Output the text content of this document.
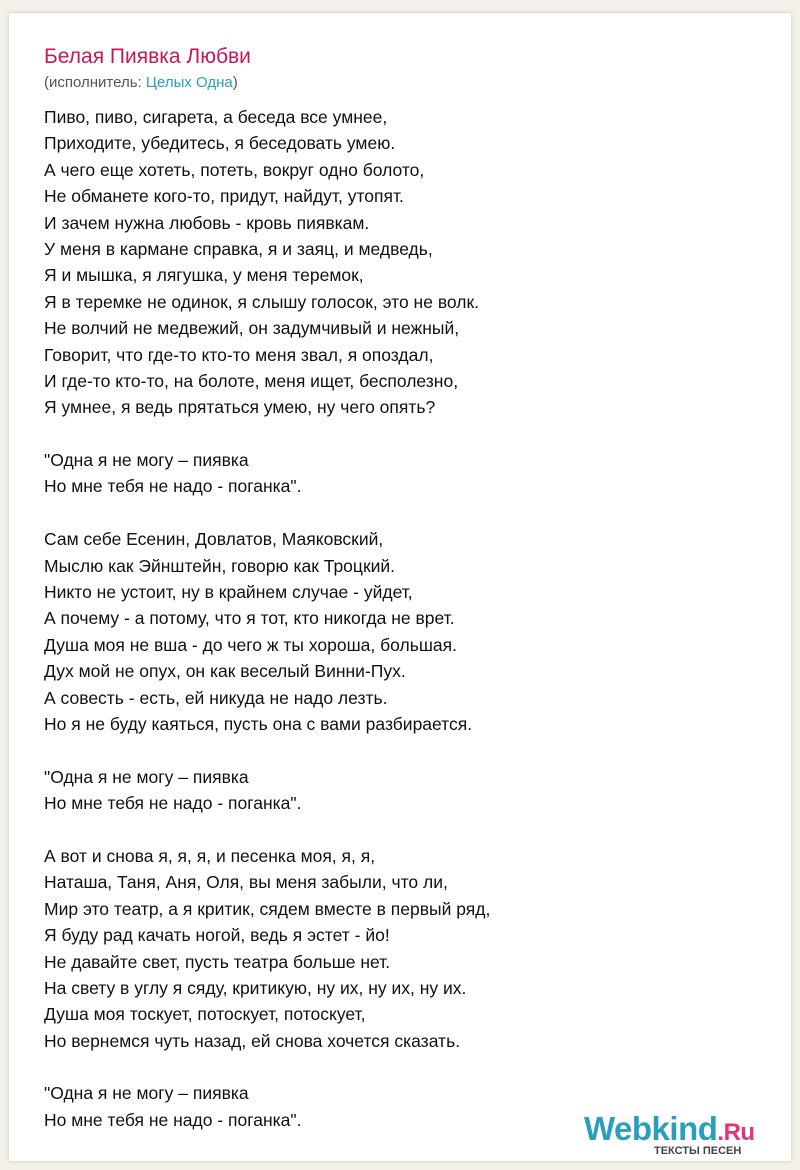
Белая Пиявка Любви
(исполнитель: Целых Одна)
Пиво, пиво, сигарета, а беседа все умнее,
Приходите, убедитесь, я беседовать умею.
А чего еще хотеть, потеть, вокруг одно болото,
Не обманете кого-то, придут, найдут, утопят.
И зачем нужна любовь - кровь пиявкам.
У меня в кармане справка, я и заяц, и медведь,
Я и мышка, я лягушка, у меня теремок,
Я в теремке не одинок, я слышу голосок, это не волк.
Не волчий не медвежий, он задумчивый и нежный,
Говорит, что где-то кто-то меня звал, я опоздал,
И где-то кто-то, на болоте, меня ищет, бесполезно,
Я умнее, я ведь прятаться умею, ну чего опять?
"Одна я не могу – пиявка
Но мне тебя не надо - поганка".
Сам себе Есенин, Довлатов, Маяковский,
Мыслю как Эйнштейн, говорю как Троцкий.
Никто не устоит, ну в крайнем случае - уйдет,
А почему - а потому, что я тот, кто никогда не врет.
Душа моя не вша - до чего ж ты хороша, большая.
Дух мой не опух, он как веселый Винни-Пух.
А совесть - есть, ей никуда не надо лезть.
Но я не буду каяться, пусть она с вами разбирается.
"Одна я не могу – пиявка
Но мне тебя не надо - поганка".
А вот и снова я, я, я, и песенка моя, я, я,
Наташа, Таня, Аня, Оля, вы меня забыли, что ли,
Мир это театр, а я критик, сядем вместе в первый ряд,
Я буду рад качать ногой, ведь я эстет - йо!
Не давайте свет, пусть театра больше нет.
На свету в углу я сяду, критикую, ну их, ну их, ну их.
Душа моя тоскует, потоскует, потоскует,
Но вернемся чуть назад, ей снова хочется сказать.
"Одна я не могу – пиявка
Но мне тебя не надо - поганка".	Webkind.Ru
ТЕКСТЫ ПЕСЕН
